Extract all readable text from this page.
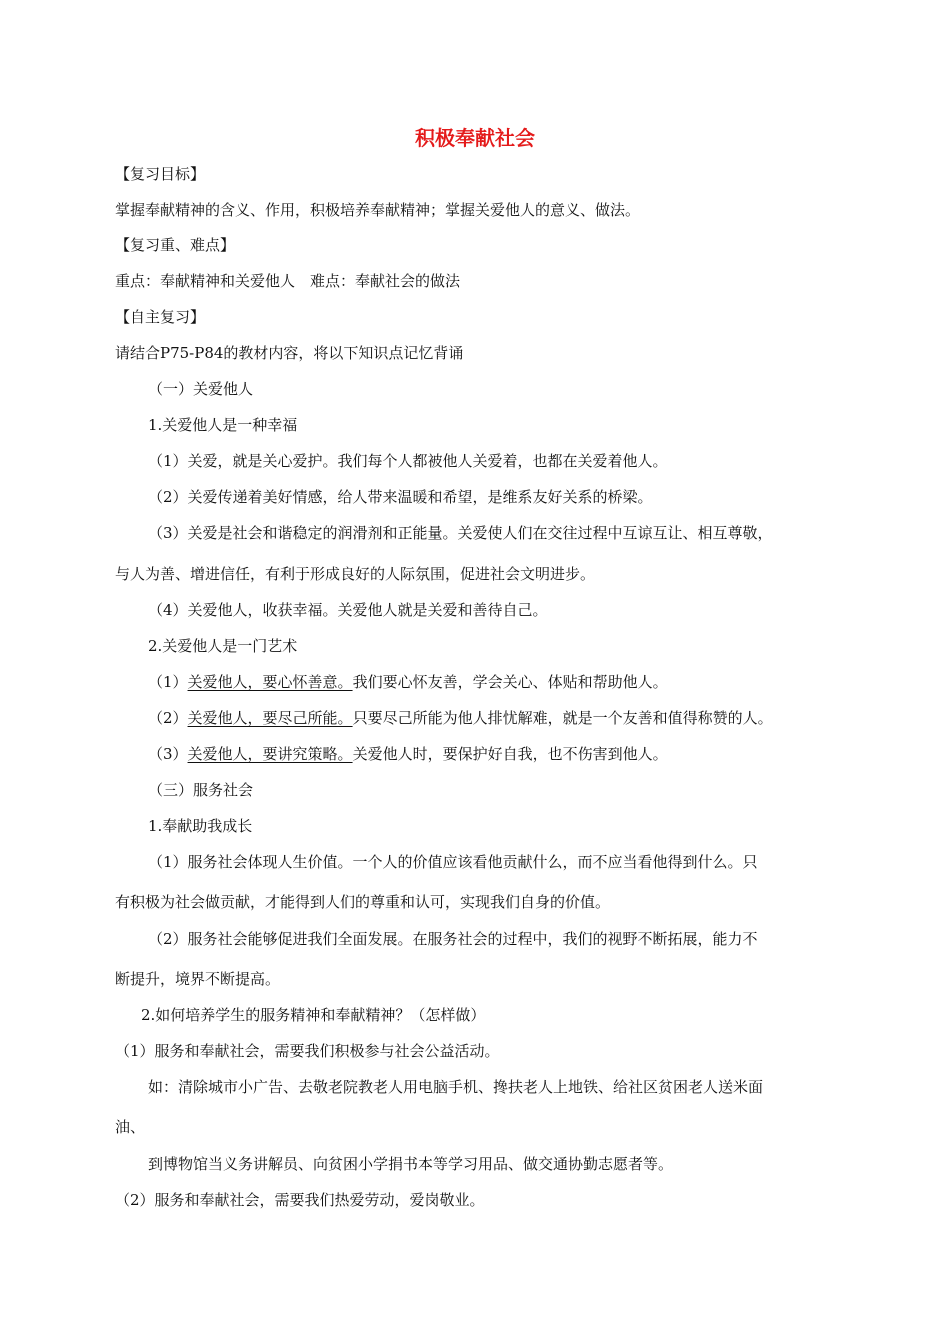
积极奉献社会
【复习目标】
掌握奉献精神的含义、作用，积极培养奉献精神；掌握关爱他人的意义、做法。
【复习重、难点】
重点：奉献精神和关爱他人　难点：奉献社会的做法
【自主复习】
请结合P75-P84的教材内容，将以下知识点记忆背诵
（一）关爱他人
1.关爱他人是一种幸福
（1）关爱，就是关心爱护。我们每个人都被他人关爱着，也都在关爱着他人。
（2）关爱传递着美好情感，给人带来温暖和希望，是维系友好关系的桥梁。
（3）关爱是社会和谐稳定的润滑剂和正能量。关爱使人们在交往过程中互谅互让、相互尊敬，
与人为善、增进信任，有利于形成良好的人际氛围，促进社会文明进步。
（4）关爱他人，收获幸福。关爱他人就是关爱和善待自己。
2.关爱他人是一门艺术
（1）关爱他人，要心怀善意。我们要心怀友善，学会关心、体贴和帮助他人。
（2）关爱他人，要尽己所能。只要尽己所能为他人排忧解难，就是一个友善和值得称赞的人。
（3）关爱他人，要讲究策略。关爱他人时，要保护好自我，也不伤害到他人。
（三）服务社会
1.奉献助我成长
（1）服务社会体现人生价值。一个人的价值应该看他贡献什么，而不应当看他得到什么。只
有积极为社会做贡献，才能得到人们的尊重和认可，实现我们自身的价值。
（2）服务社会能够促进我们全面发展。在服务社会的过程中，我们的视野不断拓展，能力不
断提升，境界不断提高。
2.如何培养学生的服务精神和奉献精神？（怎样做）
（1）服务和奉献社会，需要我们积极参与社会公益活动。
如：清除城市小广告、去敬老院教老人用电脑手机、搀扶老人上地铁、给社区贫困老人送米面
油、
到博物馆当义务讲解员、向贫困小学捐书本等学习用品、做交通协勤志愿者等。
（2）服务和奉献社会，需要我们热爱劳动，爱岗敬业。
